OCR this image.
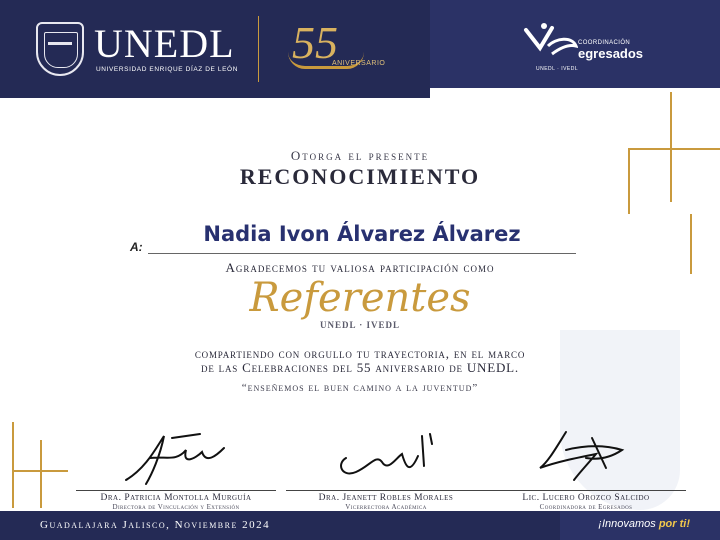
UNEDL
UNIVERSIDAD ENRIQUE DÍAZ DE LEÓN
55
ANIVERSARIO
COORDINACIÓN
egresados
UNEDL · IVEDL
Otorga el presente
RECONOCIMIENTO
A:
Nadia Ivon Álvarez Álvarez
Agradecemos tu valiosa participación como
Referentes
UNEDL · IVEDL
compartiendo con orgullo tu trayectoria, en el marco
de las Celebraciones del 55 aniversario de UNEDL.
“enseñemos el buen camino a la juventud”
Dra. Patricia Montolla Murguía
Directora de Vinculación y Extensión
Dra. Jeanett Robles Morales
Vicerrectora Académica
Lic. Lucero Orozco Salcido
Coordinadora de Egresados
Guadalajara Jalisco, Noviembre 2024	¡Innovamos por ti!
